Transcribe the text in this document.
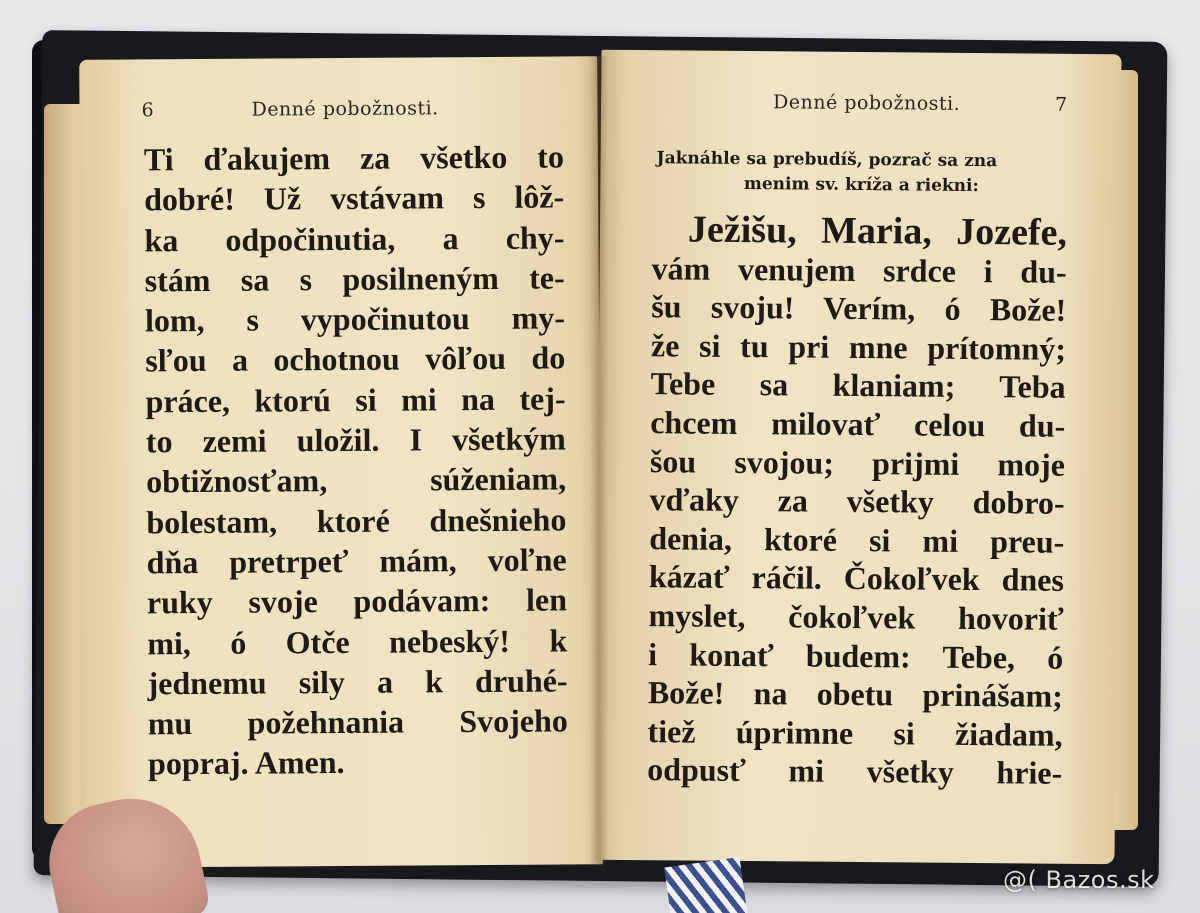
6	Denné pobožnosti.
Ti ďakujem za všetko to
dobré! Už vstávam s lôž-
ka odpočinutia, a chy-
stám sa s posilneným te-
lom, s vypočinutou my-
sľou a ochotnou vôľou do
práce, ktorú si mi na tej-
to zemi uložil. I všetkým
obtižnosťam, súženiam,
bolestam, ktoré dnešnieho
dňa pretrpeť mám, voľne
ruky svoje podávam: len
mi, ó Otče nebeský! k
jednemu sily a k druhé-
mu požehnania Svojeho
popraj. Amen.
Denné pobožnosti.	7
Jaknáhle sa prebudíš, pozrač sa zna
menim sv. kríža a riekni:
Ježišu, Maria, Jozefe,
vám venujem srdce i du-
šu svoju! Verím, ó Bože!
že si tu pri mne prítomný;
Tebe sa klaniam; Teba
chcem milovať celou du-
šou svojou; prijmi moje
vďaky za všetky dobro-
denia, ktoré si mi preu-
kázať ráčil. Čokoľvek dnes
myslet, čokoľvek hovoriť
i konať budem: Tebe, ó
Bože! na obetu prinášam;
tiež úprimne si žiadam,
odpusť mi všetky hrie-
@( Bazos.sk
